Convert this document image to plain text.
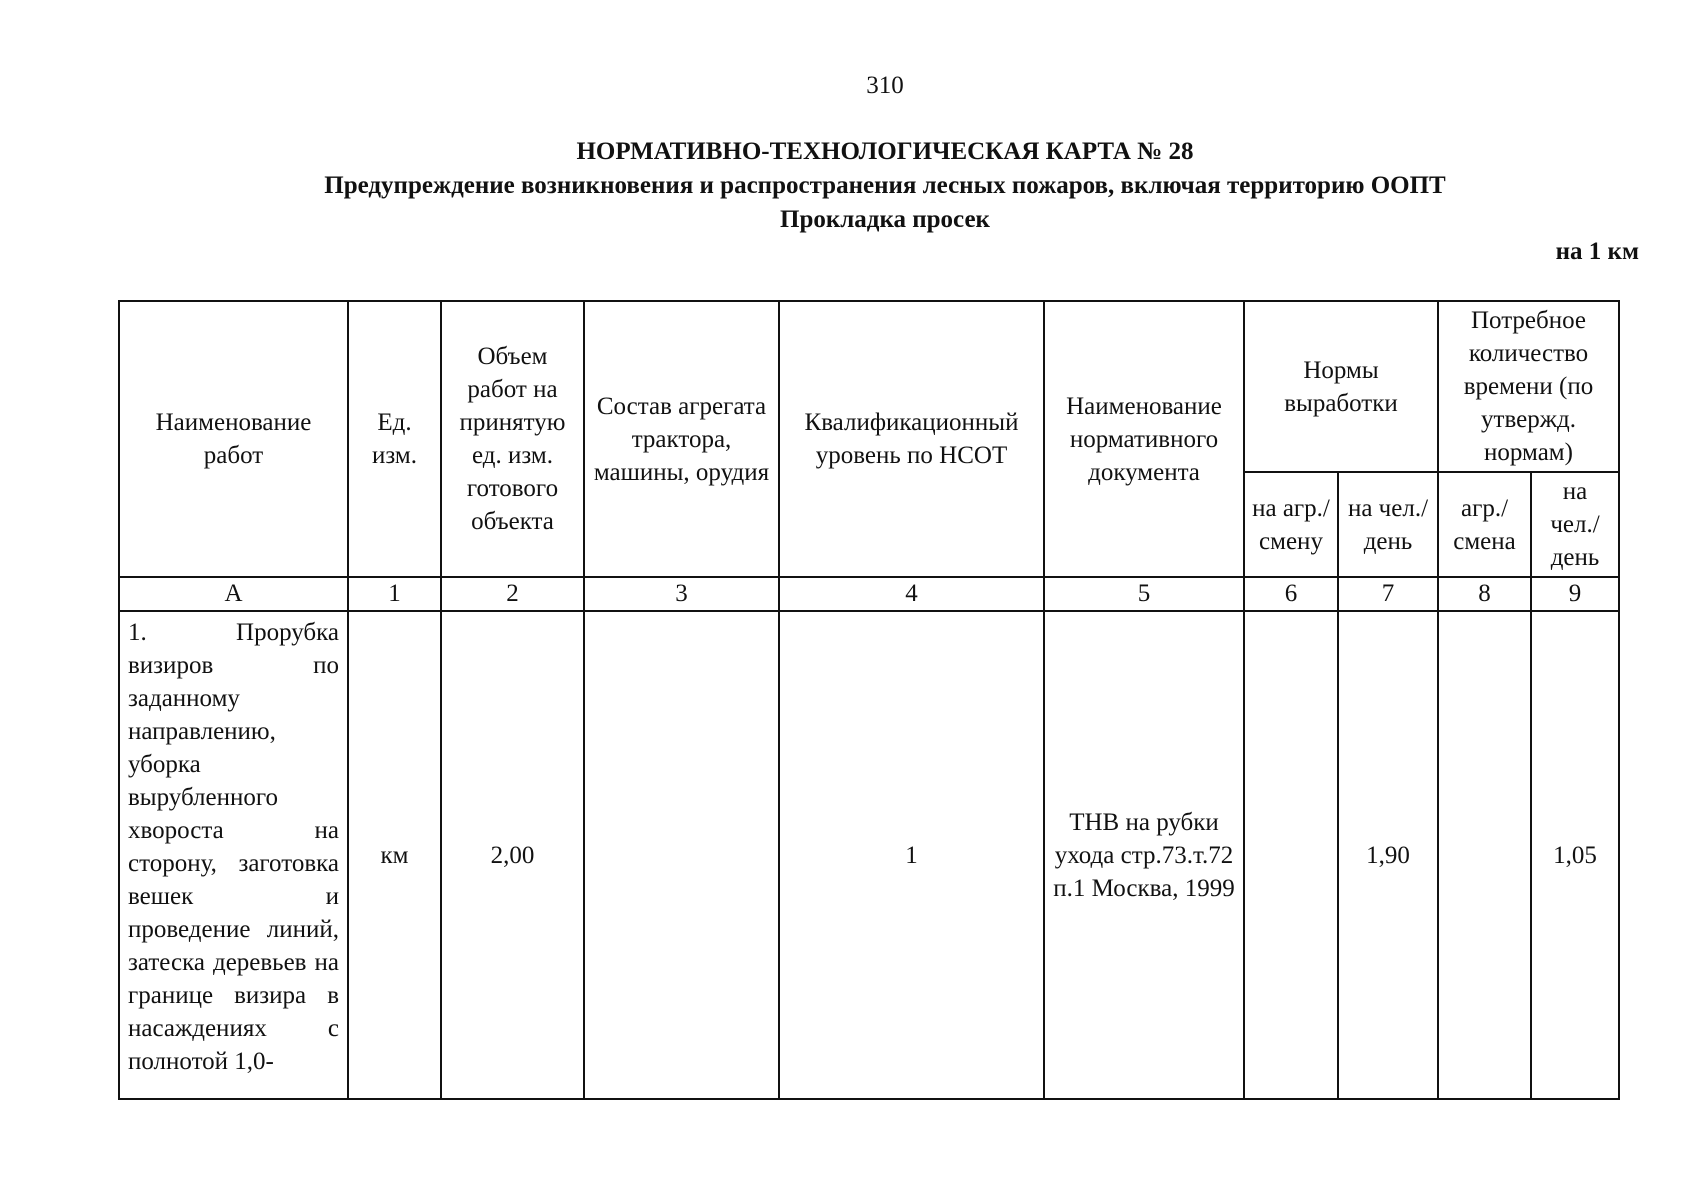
310
НОРМАТИВНО-ТЕХНОЛОГИЧЕСКАЯ КАРТА № 28
Предупреждение возникновения и распространения лесных пожаров, включая территорию ООПТ
Прокладка просек
на 1 км
Наименование работ	Ед. изм.	Объем работ на принятую ед. изм. готового объекта	Состав агрегата трактора, машины, орудия	Квалификационный уровень по НСОТ	Наименование нормативного документа	Нормы выработки		Потребное количество времени (по утвержд. нормам)	
						на агр./ смену	на чел./ день	агр./ смена	на чел./ день
А	1	2	3	4	5	6	7	8	9
1. Прорубка визиров по заданному направлению, уборка вырубленного хвороста на сторону, заготовка вешек и проведение линий, затеска деревьев на границе визира в насаждениях с полнотой 1,0-	км	2,00		1	ТНВ на рубки ухода стр.73.т.72 п.1 Москва, 1999		1,90		1,05
